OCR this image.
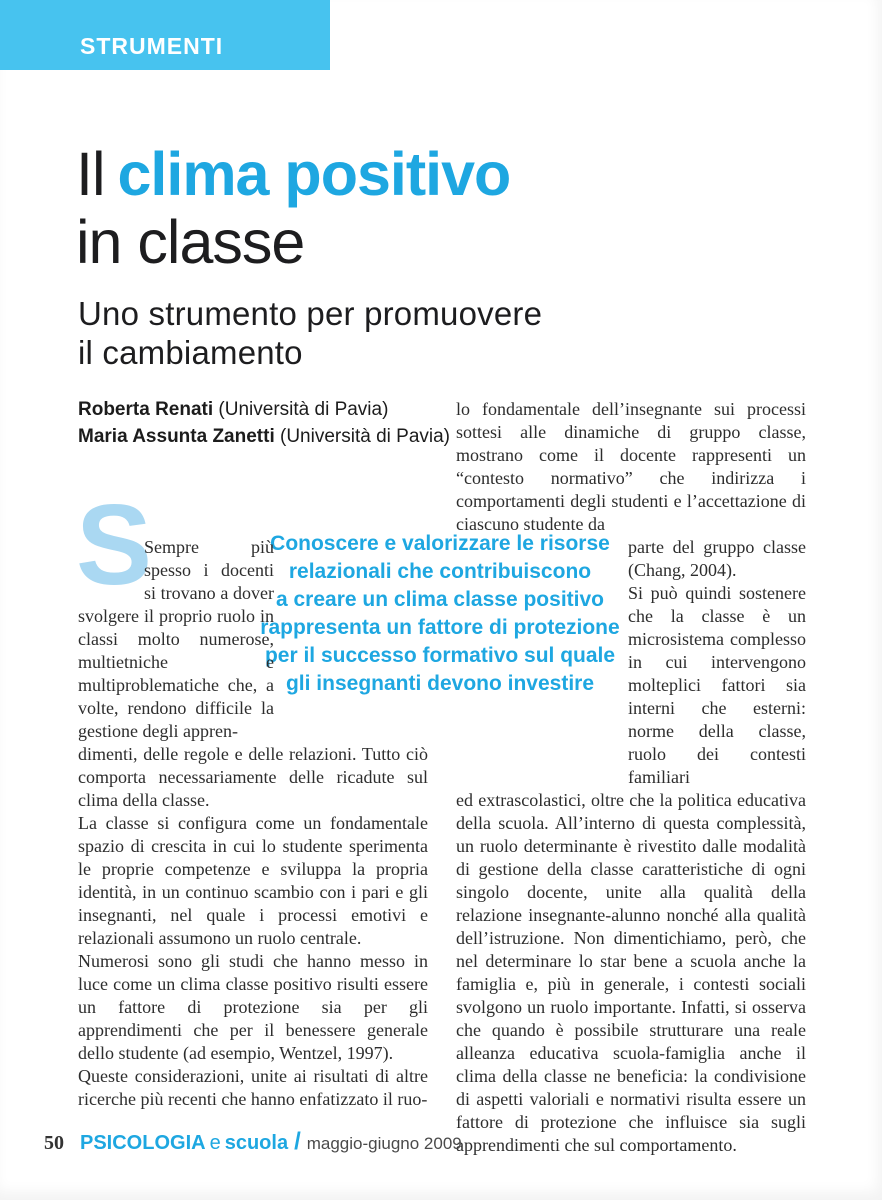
STRUMENTI
Il clima positivo
in classe
Uno strumento per promuovere
il cambiamento
Roberta Renati (Università di Pavia)
Maria Assunta Zanetti (Università di Pavia)
Conoscere e valorizzare le risorse
relazionali che contribuiscono
a creare un clima classe positivo
rappresenta un fattore di protezione
per il successo formativo sul quale
gli insegnanti devono investire

S
Sempre più spesso i docenti si trovano a dover svolgere il proprio ruolo in classi molto numerose, multietniche e multiproblematiche che, a volte, rendono difficile la gestione degli appren-

dimenti, delle regole e delle relazioni. Tutto ciò comporta necessariamente delle ricadute sul clima della classe.

La classe si configura come un fondamentale spazio di crescita in cui lo studente sperimenta le proprie competenze e sviluppa la propria identità, in un continuo scambio con i pari e gli insegnanti, nel quale i processi emotivi e relazionali assumono un ruolo centrale.

Numerosi sono gli studi che hanno messo in luce come un clima classe positivo risulti essere un fattore di protezione sia per gli apprendimenti che per il benessere generale dello studente (ad esempio, Wentzel, 1997).

Queste considerazioni, unite ai risultati di altre ricerche più recenti che hanno enfatizzato il ruo-

lo fondamentale dell’insegnante sui processi sottesi alle dinamiche di gruppo classe, mostrano come il docente rappresenti un “contesto normativo” che indirizza i comportamenti degli studenti e l’accettazione di ciascuno studente da

parte del gruppo classe (Chang, 2004).

Si può quindi sostenere che la classe è un microsistema complesso in cui intervengono molteplici fattori sia interni che esterni: norme della classe, ruolo dei contesti familiari

ed extrascolastici, oltre che la politica educativa della scuola. All’interno di questa complessità, un ruolo determinante è rivestito dalle modalità di gestione della classe caratteristiche di ogni singolo docente, unite alla qualità della relazione insegnante-alunno nonché alla qualità dell’istruzione. Non dimentichiamo, però, che nel determinare lo star bene a scuola anche la famiglia e, più in generale, i contesti sociali svolgono un ruolo importante. Infatti, si osserva che quando è possibile strutturare una reale alleanza educativa scuola-famiglia anche il clima della classe ne beneficia: la condivisione di aspetti valoriali e normativi risulta essere un fattore di protezione che influisce sia sugli apprendimenti che sul comportamento.

50 PSICOLOGIA e scuola / maggio-giugno 2009
